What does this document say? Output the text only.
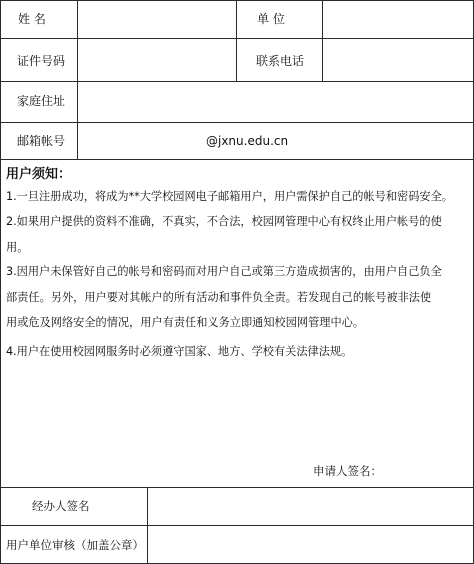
姓 名	单 位
证件号码	联系电话
家庭住址
邮箱帐号	@jxnu.edu.cn
用户须知：
1.一旦注册成功，将成为**大学校园网电子邮箱用户，用户需保护自己的帐号和密码安全。
2.如果用户提供的资料不准确，不真实，不合法，校园网管理中心有权终止用户帐号的使
用。
3.因用户未保管好自己的帐号和密码而对用户自己或第三方造成损害的，由用户自己负全
部责任。另外，用户要对其帐户的所有活动和事件负全责。若发现自己的帐号被非法使
用或危及网络安全的情况，用户有责任和义务立即通知校园网管理中心。
4.用户在使用校园网服务时必须遵守国家、地方、学校有关法律法规。
申请人签名：
经办人签名
用户单位审核（加盖公章）
